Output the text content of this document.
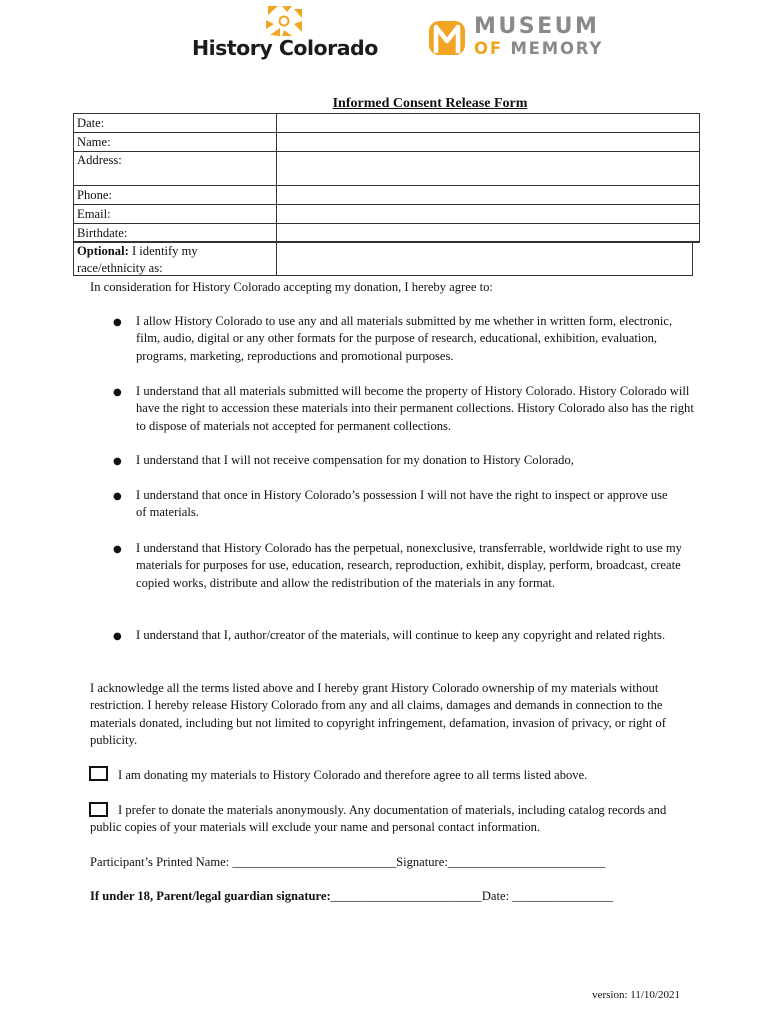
History Colorado
MUSEUM
OF MEMORY
Informed Consent Release Form
Date:
Name:
Address:
Phone:
Email:
Birthdate:
Optional: I identify my
race/ethnicity as:

In consideration for History Colorado accepting my donation, I hereby agree to:

● I allow History Colorado to use any and all materials submitted by me whether in written form, electronic, film, audio, digital or any other formats for the purpose of research, educational, exhibition, evaluation, programs, marketing, reproductions and promotional purposes.

● I understand that all materials submitted will become the property of History Colorado. History Colorado will have the right to accession these materials into their permanent collections. History Colorado also has the right to dispose of materials not accepted for permanent collections.

● I understand that I will not receive compensation for my donation to History Colorado,

● I understand that once in History Colorado’s possession I will not have the right to inspect or approve use of materials.

● I understand that History Colorado has the perpetual, nonexclusive, transferrable, worldwide right to use my materials for purposes for use, education, research, reproduction, exhibit, display, perform, broadcast, create copied works, distribute and allow the redistribution of the materials in any format.

● I understand that I, author/creator of the materials, will continue to keep any copyright and related rights.

I acknowledge all the terms listed above and I hereby grant History Colorado ownership of my materials without restriction. I hereby release History Colorado from any and all claims, damages and demands in connection to the materials donated, including but not limited to copyright infringement, defamation, invasion of privacy, or right of publicity.

I am donating my materials to History Colorado and therefore agree to all terms listed above.

I prefer to donate the materials anonymously. Any documentation of materials, including catalog records and public copies of your materials will exclude your name and personal contact information.

Participant’s Printed Name: __________________________Signature:_________________________

If under 18, Parent/legal guardian signature:________________________Date: ________________

version: 11/10/2021
